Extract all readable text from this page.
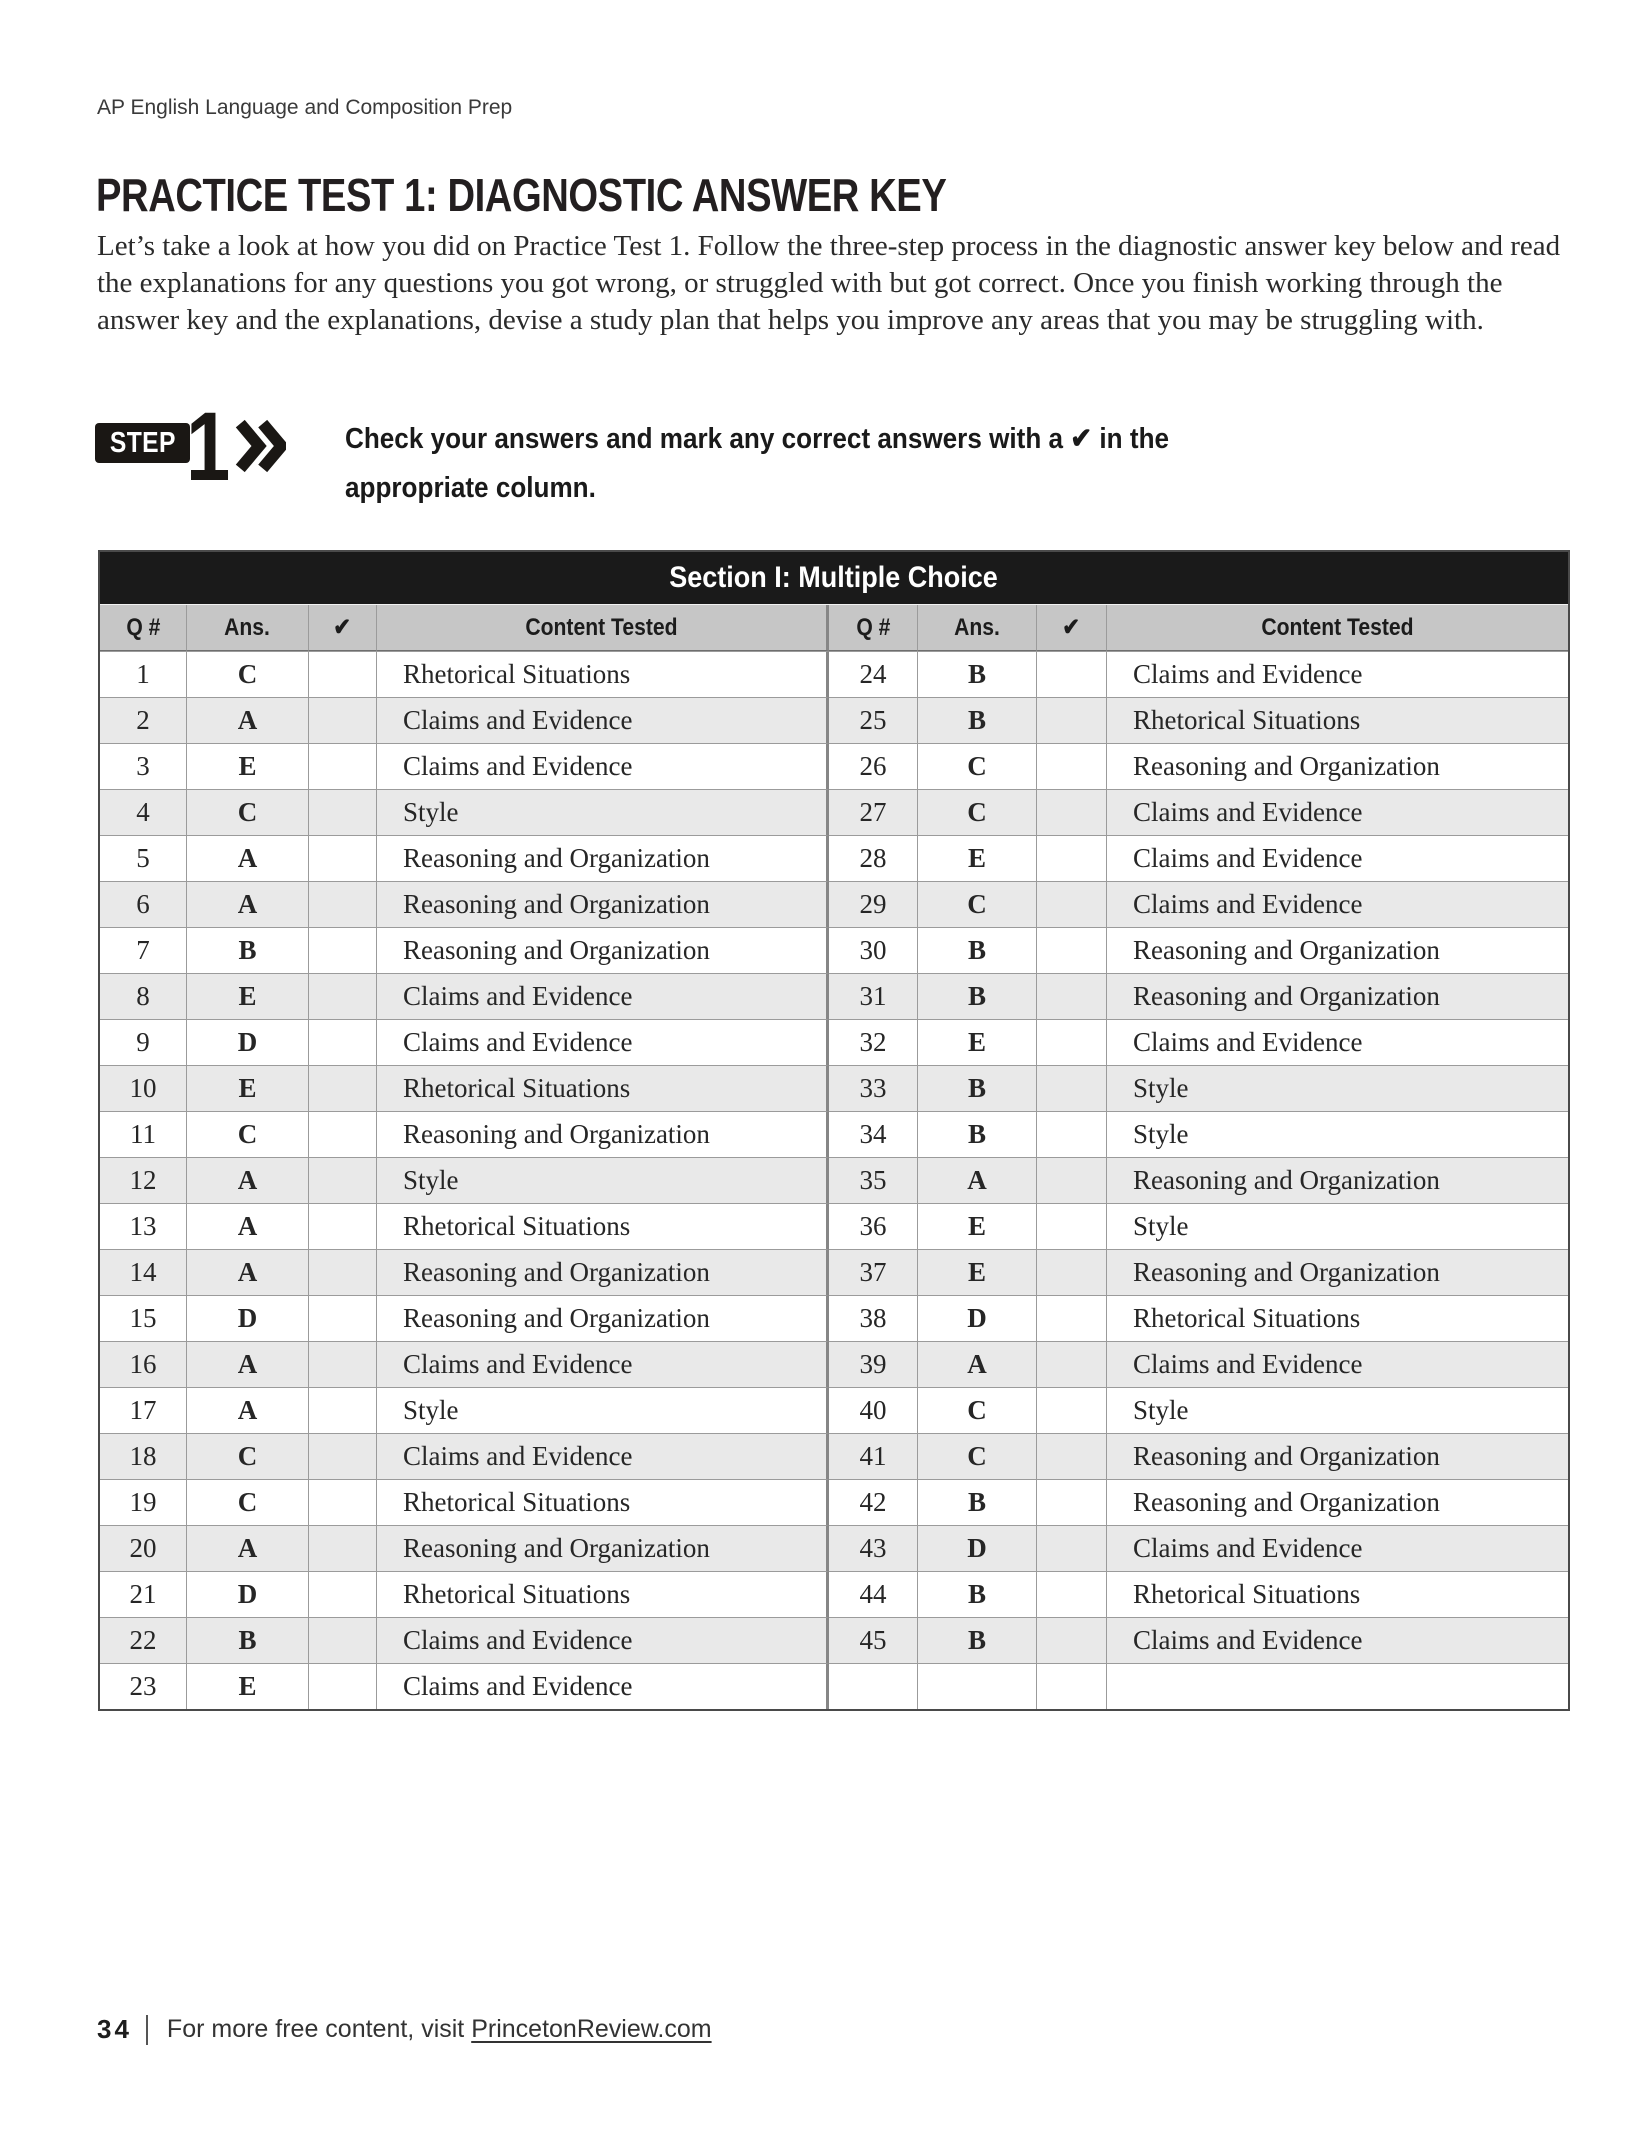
AP English Language and Composition Prep
PRACTICE TEST 1: DIAGNOSTIC ANSWER KEY
Let’s take a look at how you did on Practice Test 1. Follow the three-step process in the diagnostic answer key below and read
the explanations for any questions you got wrong, or struggled with but got correct. Once you finish working through the
answer key and the explanations, devise a study plan that helps you improve any areas that you may be struggling with.
STEP 1	Check your answers and mark any correct answers with a ✔ in the
appropriate column.
Section I: Multiple Choice
Q #	Ans.	✔	Content Tested	Q #	Ans.	✔	Content Tested
1	C	Rhetorical Situations	24	B	Claims and Evidence
2	A	Claims and Evidence	25	B	Rhetorical Situations
3	E	Claims and Evidence	26	C	Reasoning and Organization
4	C	Style	27	C	Claims and Evidence
5	A	Reasoning and Organization	28	E	Claims and Evidence
6	A	Reasoning and Organization	29	C	Claims and Evidence
7	B	Reasoning and Organization	30	B	Reasoning and Organization
8	E	Claims and Evidence	31	B	Reasoning and Organization
9	D	Claims and Evidence	32	E	Claims and Evidence
10	E	Rhetorical Situations	33	B	Style
11	C	Reasoning and Organization	34	B	Style
12	A	Style	35	A	Reasoning and Organization
13	A	Rhetorical Situations	36	E	Style
14	A	Reasoning and Organization	37	E	Reasoning and Organization
15	D	Reasoning and Organization	38	D	Rhetorical Situations
16	A	Claims and Evidence	39	A	Claims and Evidence
17	A	Style	40	C	Style
18	C	Claims and Evidence	41	C	Reasoning and Organization
19	C	Rhetorical Situations	42	B	Reasoning and Organization
20	A	Reasoning and Organization	43	D	Claims and Evidence
21	D	Rhetorical Situations	44	B	Rhetorical Situations
22	B	Claims and Evidence	45	B	Claims and Evidence
23	E	Claims and Evidence
34 For more free content, visit PrincetonReview.com
